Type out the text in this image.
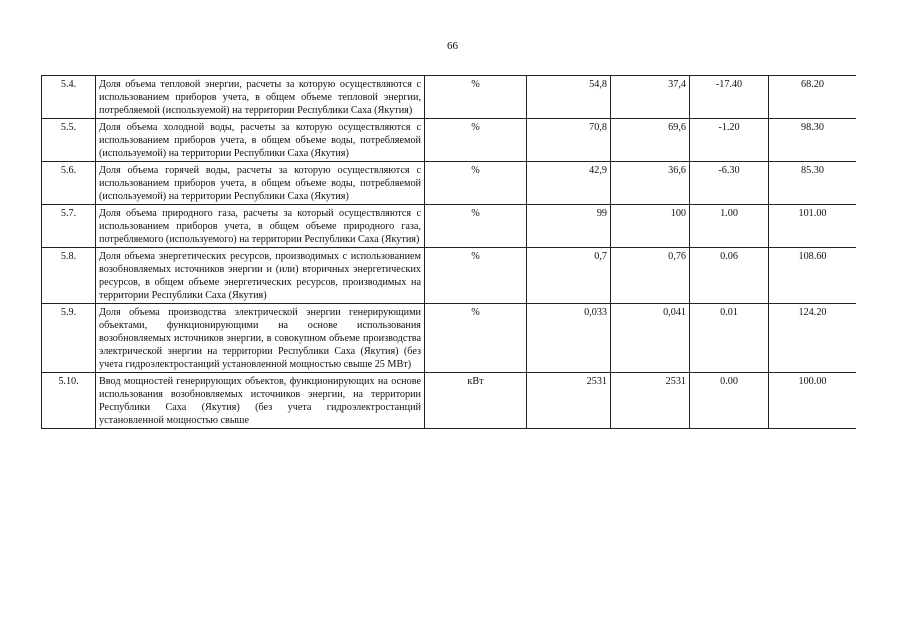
66
5.4.	Доля объема тепловой энергии, расчеты за которую осуществляются с использованием приборов учета, в общем объеме тепловой энергии, потребляемой (используемой) на территории Республики Саха (Якутия)	%	54,8	37,4	-17.40	68.20
5.5.	Доля объема холодной воды, расчеты за которую осуществляются с использованием приборов учета, в общем объеме воды, потребляемой (используемой) на территории Республики Саха (Якутия)	%	70,8	69,6	-1.20	98.30
5.6.	Доля объема горячей воды, расчеты за которую осуществляются с использованием приборов учета, в общем объеме воды, потребляемой (используемой) на территории Республики Саха (Якутия)	%	42,9	36,6	-6.30	85.30
5.7.	Доля объема природного газа, расчеты за который осуществляются с использованием приборов учета, в общем объеме природного газа, потребляемого (используемого) на территории Республики Саха (Якутия)	%	99	100	1.00	101.00
5.8.	Доля объема энергетических ресурсов, производимых с использованием возобновляемых источников энергии и (или) вторичных энергетических ресурсов, в общем объеме энергетических ресурсов, производимых на территории Республики Саха (Якутия)	%	0,7	0,76	0.06	108.60
5.9.	Доля объема производства электрической энергии генерирующими объектами, функционирующими на основе использования возобновляемых источников энергии, в совокупном объеме производства электрической энергии на территории Республики Саха (Якутия) (без учета гидроэлектростанций установленной мощностью свыше 25 МВт)	%	0,033	0,041	0.01	124.20
5.10.	Ввод мощностей генерирующих объектов, функционирующих на основе использования возобновляемых источников энергии, на территории Республики Саха (Якутия) (без учета гидроэлектростанций установленной мощностью свыше	кВт	2531	2531	0.00	100.00
